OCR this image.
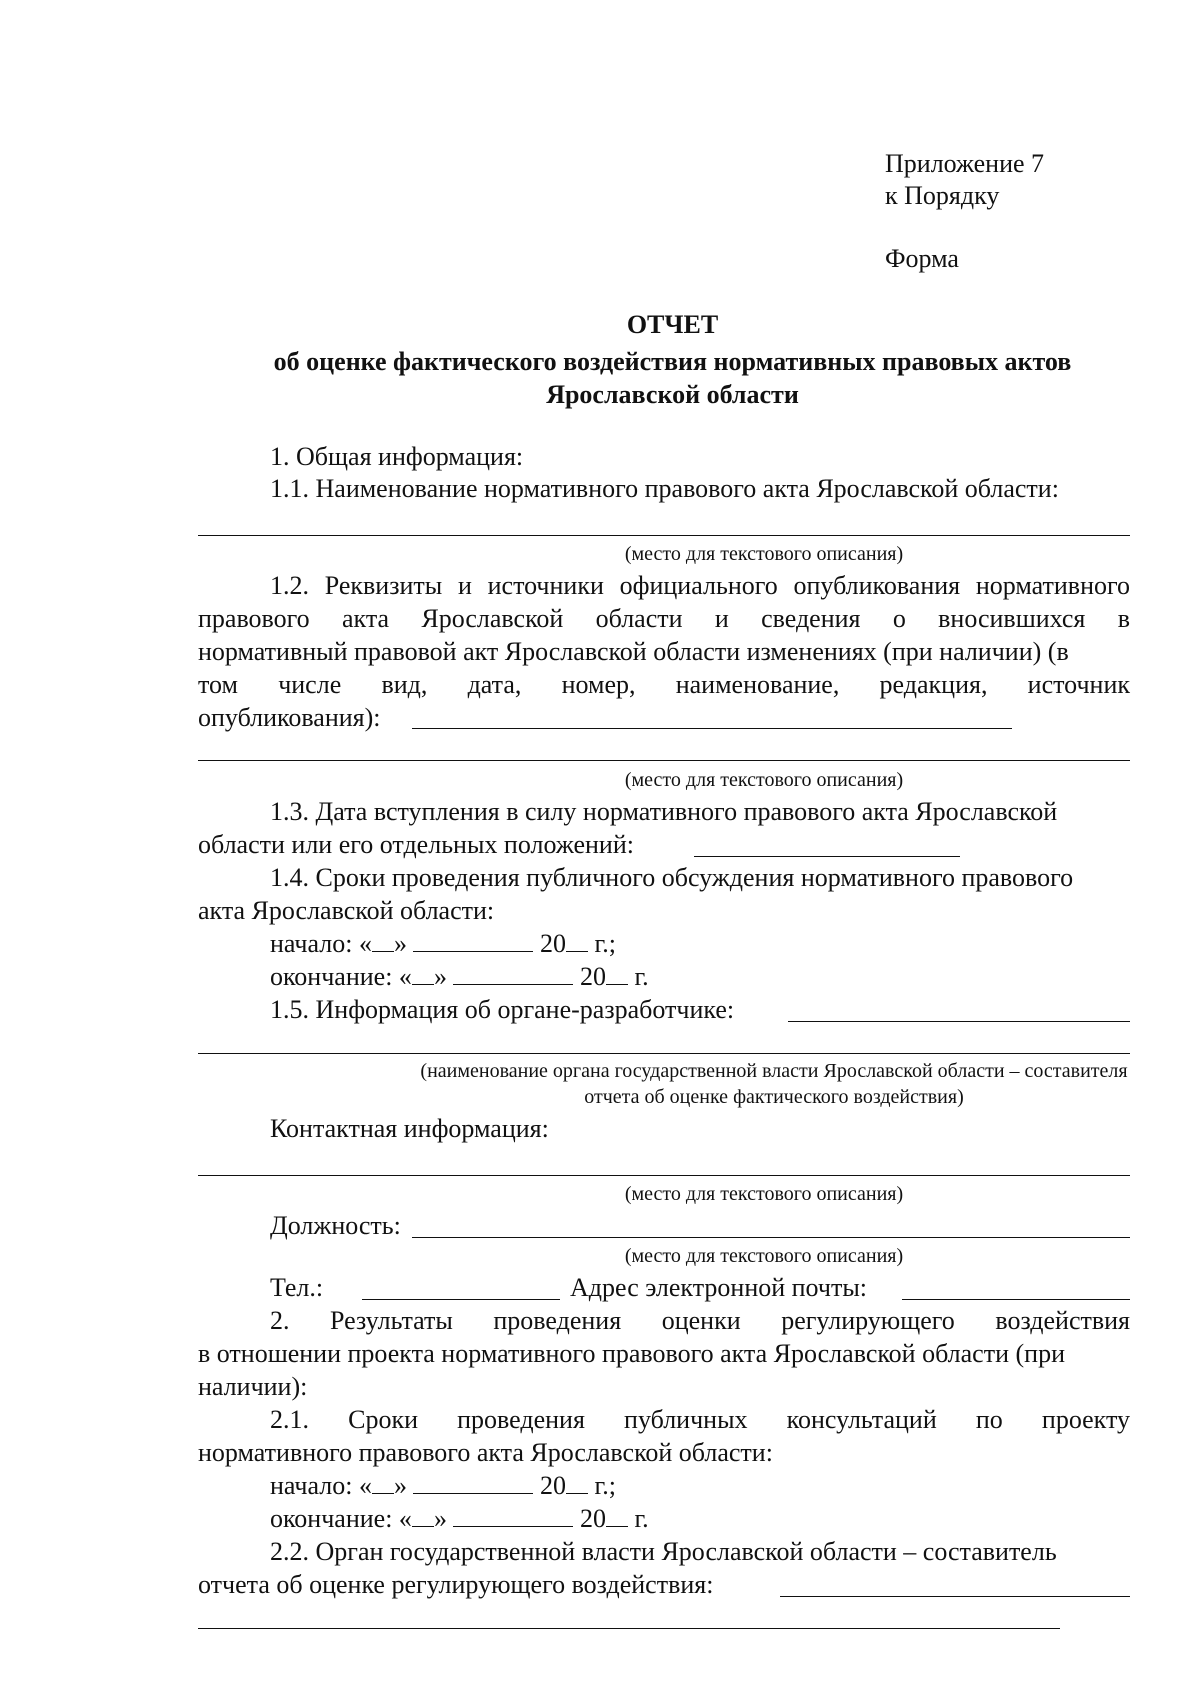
Приложение 7
к Порядку
Форма
ОТЧЕТ
об оценке фактического воздействия нормативных правовых актов
Ярославской области
1. Общая информация:
1.1. Наименование нормативного правового акта Ярославской области:
(место для текстового описания)
1.2. Реквизиты и источники официального опубликования нормативного
правового акта Ярославской области и сведения о вносившихся в
нормативный правовой акт Ярославской области изменениях (при наличии) (в
том числе вид, дата, номер, наименование, редакция, источник
опубликования):
(место для текстового описания)
1.3. Дата вступления в силу нормативного правового акта Ярославской
области или его отдельных положений:
1.4. Сроки проведения публичного обсуждения нормативного правового
акта Ярославской области:
начало: « »	20 г.;
окончание: « »	20 г.
1.5. Информация об органе-разработчике:
(наименование органа государственной власти Ярославской области – составителя
отчета об оценке фактического воздействия)
Контактная информация:
(место для текстового описания)
Должность:
(место для текстового описания)
Тел.:	Адрес электронной почты:
2. Результаты проведения оценки регулирующего воздействия
в отношении проекта нормативного правового акта Ярославской области (при
наличии):
2.1. Сроки проведения публичных консультаций по проекту
нормативного правового акта Ярославской области:
начало: « »	20 г.;
окончание: « »	20 г.
2.2. Орган государственной власти Ярославской области – составитель
отчета об оценке регулирующего воздействия:
